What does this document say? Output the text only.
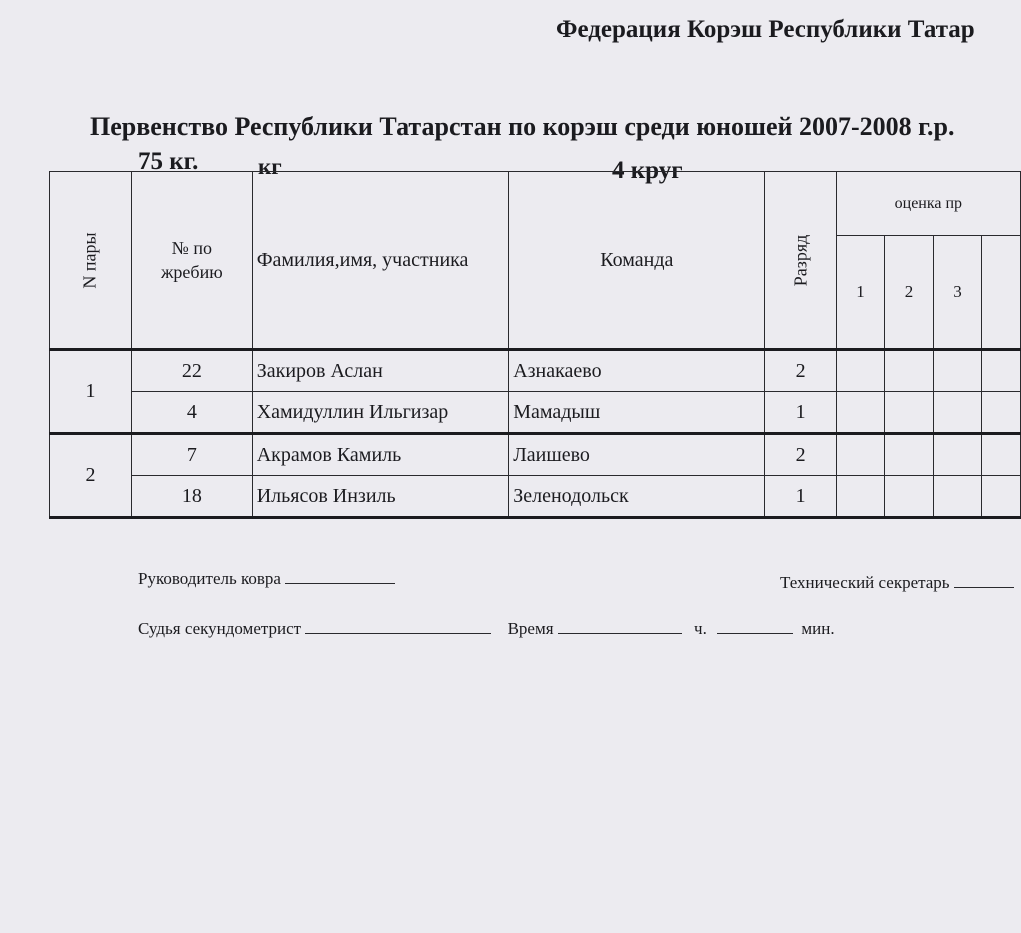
Федерация Корэш Республики Татар
Первенство Республики Татарстан по корэш среди юношей 2007-2008 г.р.
75 кг.	кг	4 круг
N пары	№ по жребию	Фамилия,имя, участника	Команда	Разряд	оценка пр			
					1	2	3	
1	22	Закиров Аслан	Азнакаево	2				
	4	Хамидуллин Ильгизар	Мамадыш	1				
2	7	Акрамов Камиль	Лаишево	2				
	18	Ильясов Инзиль	Зеленодольск	1				
Руководитель ковра	Технический секретарь
Судья секундометрист	Время	ч.	мин.
